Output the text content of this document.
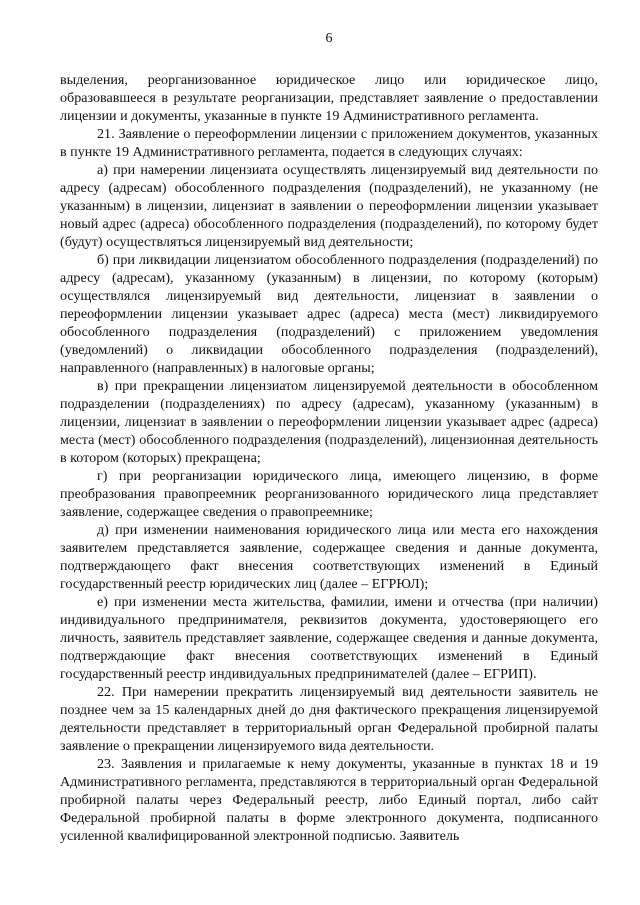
6

выделения, реорганизованное юридическое лицо или юридическое лицо, образовавшееся в результате реорганизации, представляет заявление о предоставлении лицензии и документы, указанные в пункте 19 Административного регламента.

21. Заявление о переоформлении лицензии с приложением документов, указанных в пункте 19 Административного регламента, подается в следующих случаях:

а) при намерении лицензиата осуществлять лицензируемый вид деятельности по адресу (адресам) обособленного подразделения (подразделений), не указанному (не указанным) в лицензии, лицензиат в заявлении о переоформлении лицензии указывает новый адрес (адреса) обособленного подразделения (подразделений), по которому будет (будут) осуществляться лицензируемый вид деятельности;

б) при ликвидации лицензиатом обособленного подразделения (подразделений) по адресу (адресам), указанному (указанным) в лицензии, по которому (которым) осуществлялся лицензируемый вид деятельности, лицензиат в заявлении о переоформлении лицензии указывает адрес (адреса) места (мест) ликвидируемого обособленного подразделения (подразделений) с приложением уведомления (уведомлений) о ликвидации обособленного подразделения (подразделений), направленного (направленных) в налоговые органы;

в) при прекращении лицензиатом лицензируемой деятельности в обособленном подразделении (подразделениях) по адресу (адресам), указанному (указанным) в лицензии, лицензиат в заявлении о переоформлении лицензии указывает адрес (адреса) места (мест) обособленного подразделения (подразделений), лицензионная деятельность в котором (которых) прекращена;

г) при реорганизации юридического лица, имеющего лицензию, в форме преобразования правопреемник реорганизованного юридического лица представляет заявление, содержащее сведения о правопреемнике;

д) при изменении наименования юридического лица или места его нахождения заявителем представляется заявление, содержащее сведения и данные документа, подтверждающего факт внесения соответствующих изменений в Единый государственный реестр юридических лиц (далее – ЕГРЮЛ);

е) при изменении места жительства, фамилии, имени и отчества (при наличии) индивидуального предпринимателя, реквизитов документа, удостоверяющего его личность, заявитель представляет заявление, содержащее сведения и данные документа, подтверждающие факт внесения соответствующих изменений в Единый государственный реестр индивидуальных предпринимателей (далее – ЕГРИП).

22. При намерении прекратить лицензируемый вид деятельности заявитель не позднее чем за 15 календарных дней до дня фактического прекращения лицензируемой деятельности представляет в территориальный орган Федеральной пробирной палаты заявление о прекращении лицензируемого вида деятельности.

23. Заявления и прилагаемые к нему документы, указанные в пунктах 18 и 19 Административного регламента, представляются в территориальный орган Федеральной пробирной палаты через Федеральный реестр, либо Единый портал, либо сайт Федеральной пробирной палаты в форме электронного документа, подписанного усиленной квалифицированной электронной подписью. Заявитель
